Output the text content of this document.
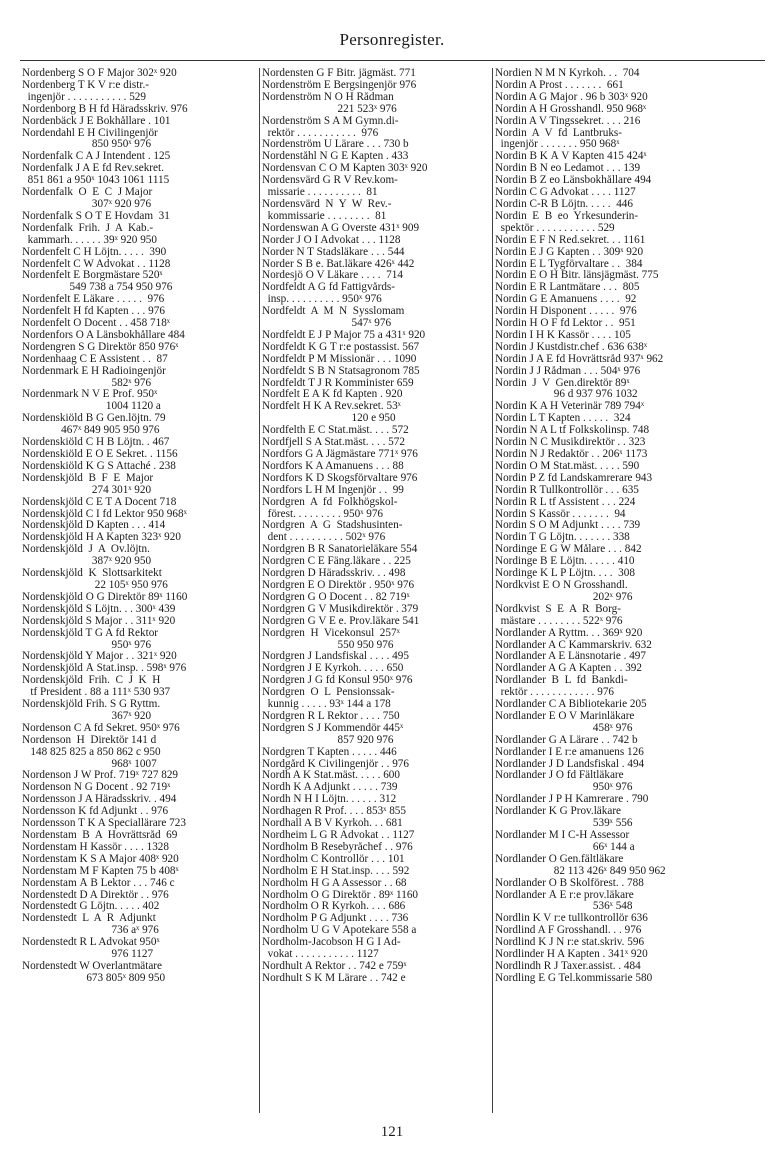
Personregister.
Nordenberg S O F Major 302ˣ 920
Nordenberg T K V r:e distr.-
ingenjör . . . . . . . . . . . 529
Nordenborg B H fd Häradsskriv. 976
Nordenbäck J E Bokhållare . 101
Nordendahl E H Civilingenjör
850 950ˣ 976
Nordenfalk C A J Intendent . 125
Nordenfalk J A E fd Rev.sekret.
851 861 a 950ˣ 1043 1061 1115
Nordenfalk  O  E  C  J Major
307ˣ 920 976
Nordenfalk S O T E Hovdam  31
Nordenfalk  Frih.  J  A  Kab.-
kammarh. . . . . . 39ˣ 920 950
Nordenfelt C H Löjtn. . . . .  390
Nordenfelt C W Advokat . . 1128
Nordenfelt E Borgmästare 520ˣ
549 738 a 754 950 976
Nordenfelt E Läkare . . . . .  976
Nordenfelt H fd Kapten . . . 976
Nordenfelt O Docent . . 458 718ˣ
Nordenfors O A Länsbokhållare 484
Nordengren S G Direktör 850 976ˣ
Nordenhaag C E Assistent . .  87
Nordenmark E H Radioingenjör
582ˣ 976
Nordenmark N V E Prof. 950ˣ
1004 1120 a
Nordenskiöld B G Gen.löjtn. 79
467ˣ 849 905 950 976
Nordenskiöld C H B Löjtn. . 467
Nordenskiöld E O E Sekret. . 1156
Nordenskiöld K G S Attaché . 238
Nordenskjöld  B  F  E  Major
274 301ˣ 920
Nordenskjöld C E T A Docent 718
Nordenskjöld C I fd Lektor 950 968ˣ
Nordenskjöld D Kapten . . . 414
Nordenskjöld H A Kapten 323ˣ 920
Nordenskjöld  J  A  Öv.löjtn.
387ˣ 920 950
Nordenskjöld  K  Slottsarkitekt
22 105ˣ 950 976
Nordenskjöld O G Direktör 89ˣ 1160
Nordenskjöld S Löjtn. . . 300ˣ 439
Nordenskjöld S Major . . 311ˣ 920
Nordenskjöld T G A fd Rektor
950ˣ 976
Nordenskjöld Y Major . . 321ˣ 920
Nordenskjöld Å Stat.insp. . 598ˣ 976
Nordenskjöld  Frih.  C  J  K  H
tf President . 88 a 111ˣ 530 937
Nordenskjöld Frih. S G Ryttm.
367ˣ 920
Nordenson C A fd Sekret. 950ˣ 976
Nordenson  H  Direktör 141 d
148 825 825 a 850 862 c 950
968ˣ 1007
Nordenson J W Prof. 719ˣ 727 829
Nordenson N G Docent . 92 719ˣ
Nordensson J A Häradsskriv. . 494
Nordensson K fd Adjunkt . . 976
Nordensson T K A Speciallärare 723
Nordenstam  B  A  Hovrättsråd  69
Nordenstam H Kassör . . . . 1328
Nordenstam K S A Major 408ˣ 920
Nordenstam M F Kapten 75 b 408ˣ
Nordenstam Å B Lektor . . . 746 c
Nordenstedt D A Direktör . . 976
Nordenstedt G Löjtn. . . . . 402
Nordenstedt  L  A  R  Adjunkt
736 aˣ 976
Nordenstedt R L Advokat 950ˣ
976 1127
Nordenstedt W Överlantmätare
673 805ˣ 809 950
Nordensten G F Bitr. jägmäst. 771
Nordenström E Bergsingenjör 976
Nordenström N O H Rådman
221 523ˣ 976
Nordenström S A M Gymn.di-
rektör . . . . . . . . . . .  976
Nordenström U Lärare . . . 730 b
Nordenståhl N G E Kapten . 433
Nordensvan C O M Kapten 303ˣ 920
Nordensvärd G R V Rev.kom-
missarie . . . . . . . . . .  81
Nordensvärd  N  Y  W  Rev.-
kommissarie . . . . . . . .  81
Nordenswan A G Överste 431ˣ 909
Norder J O I Advokat . . . 1128
Norder N T Stadsläkare . . . 544
Norder S B e. Bat.läkare 426ˣ 442
Nordesjö O V Läkare . . . .  714
Nordfeldt A G fd Fattigvårds-
insp. . . . . . . . . . 950ˣ 976
Nordfeldt  A  M  N  Sysslomam
547ˣ 976
Nordfeldt E J P Major 75 a 431ˣ 920
Nordfeldt K G T r:e postassist. 567
Nordfeldt P M Missionär . . . 1090
Nordfeldt S B N Statsagronom 785
Nordfeldt T J R Komminister 659
Nordfelt E A K fd Kapten . 920
Nordfelt H K A Rev.sekret. 53ˣ
120 e 950
Nordfelth E C Stat.mäst. . . . 572
Nordfjell S A Stat.mäst. . . . 572
Nordfors G A Jägmästare 771ˣ 976
Nordfors K A Amanuens . . . 88
Nordfors K D Skogsförvaltare 976
Nordfors L H M Ingenjör . .  99
Nordgren  A  fd  Folkhögskol-
förest. . . . . . . . . 950ˣ 976
Nordgren  A  G  Stadshusinten-
dent . . . . . . . . . . 502ˣ 976
Nordgren B R Sanatorieläkare 554
Nordgren C E Fäng.läkare . . 225
Nordgren D Häradsskriv. . . 498
Nordgren E O Direktör . 950ˣ 976
Nordgren G O Docent . . 82 719ˣ
Nordgren G V Musikdirektör . 379
Nordgren G V E e. Prov.läkare 541
Nordgren  H  Vicekonsul  257ˣ
550 950 976
Nordgren J Landsfiskal . . . . 495
Nordgren J E Kyrkoh. . . . . 650
Nordgren J G fd Konsul 950ˣ 976
Nordgren  O  L  Pensionssak-
kunnig . . . . . 93ˣ 144 a 178
Nordgren R L Rektor . . . . 750
Nordgren S J Kommendör 445ˣ
857 920 976
Nordgren T Kapten . . . . . 446
Nordgård K Civilingenjör . . 976
Nordh A K Stat.mäst. . . . . 600
Nordh K A Adjunkt . . . . . 739
Nordh N H I Löjtn. . . . . . 312
Nordhagen R Prof. . . . 853ˣ 855
Nordhall A B V Kyrkoh. . . 681
Nordheim L G R Advokat . . 1127
Nordholm B Resebyråchef . . 976
Nordholm C Kontrollör . . . 101
Nordholm E H Stat.insp. . . . 592
Nordholm H G A Assessor . . 68
Nordholm O G Direktör . 89ˣ 1160
Nordholm O R Kyrkoh. . . . 686
Nordholm P G Adjunkt . . . . 736
Nordholm U G V Apotekare 558 a
Nordholm-Jacobson H G I Ad-
vokat . . . . . . . . . . . 1127
Nordhult A Rektor . . 742 e 759ˣ
Nordhult S K M Lärare . . 742 e
Nordien N M N Kyrkoh. . .  704
Nordin A Prost . . . . . . .  661
Nordin A G Major . 96 b 303ˣ 920
Nordin A H Grosshandl. 950 968ˣ
Nordin A V Tingssekret. . . . 216
Nordin  A  V  fd  Lantbruks-
ingenjör . . . . . . . 950 968ˣ
Nordin B K Å V Kapten 415 424ˣ
Nordin B N eo Ledamot . . . 139
Nordin B Z eo Länsbokhållare 494
Nordin C G Advokat . . . . 1127
Nordin C-R B Löjtn. . . . .  446
Nordin  E  B  eo  Yrkesunderin-
spektör . . . . . . . . . . . 529
Nordin E F N Red.sekret. . . 1161
Nordin E J G Kapten . . 309ˣ 920
Nordin E L Tygförvaltare . .  384
Nordin E O H Bitr. länsjägmäst. 775
Nordin E R Lantmätare . . .  805
Nordin G E Amanuens . . . .  92
Nordin H Disponent . . . . .  976
Nordin H O F fd Lektor . .  951
Nordin I H K Kassör . . . . 105
Nordin J Kustdistr.chef . 636 638ˣ
Nordin J A E fd Hovrättsråd 937ˣ 962
Nordin J J Rådman . . . 504ˣ 976
Nordin  J  V  Gen.direktör 89ˣ
96 d 937 976 1032
Nordin K A H Veterinär 789 794ˣ
Nordin L T Kapten . . . . .  324
Nordin N A L tf Folkskolinsp. 748
Nordin N C Musikdirektör . . 323
Nordin N J Redaktör . . 206ˣ 1173
Nordin O M Stat.mäst. . . . . 590
Nordin P Z fd Landskamrerare 943
Nordin R Tullkontrollör . . . 635
Nordin R L tf Assistent . . . 224
Nordin S Kassör . . . . . . .  94
Nordin S O M Adjunkt . . . . 739
Nordin T G Löjtn. . . . . . . 338
Nordinge E G W Målare . . . 842
Nordinge B E Löjtn. . . . . . 410
Nordinge K L P Löjtn. . . .  308
Nordkvist E O N Grosshandl.
202ˣ 976
Nordkvist  S  E  A  R  Borg-
mästare . . . . . . . . 522ˣ 976
Nordlander A Ryttm. . . 369ˣ 920
Nordlander A C Kammarskriv. 632
Nordlander A E Länsnotarie . 497
Nordlander A G A Kapten . . 392
Nordlander  B  L  fd  Bankdi-
rektör . . . . . . . . . . . . 976
Nordlander C A Bibliotekarie 205
Nordlander E O V Marinläkare
458ˣ 976
Nordlander G A Lärare . . 742 b
Nordlander I E r:e amanuens 126
Nordlander J D Landsfiskal . 494
Nordlander J O fd Fältläkare
950ˣ 976
Nordlander J P H Kamrerare . 790
Nordlander K G Prov.läkare
539ˣ 556
Nordlander M I C-H Assessor
66ˣ 144 a
Nordlander O Gen.fältläkare
82 113 426ˣ 849 950 962
Nordlander O B Skolförest. . 788
Nordlander Å E r:e prov.läkare
536ˣ 548
Nordlin K V r:e tullkontrollör 636
Nordlind A F Grosshandl. . . 976
Nordlind K J N r:e stat.skriv. 596
Nordlinder H A Kapten . 341ˣ 920
Nordlindh R J Taxer.assist. . 484
Nordling E G Tel.kommissarie 580
121
